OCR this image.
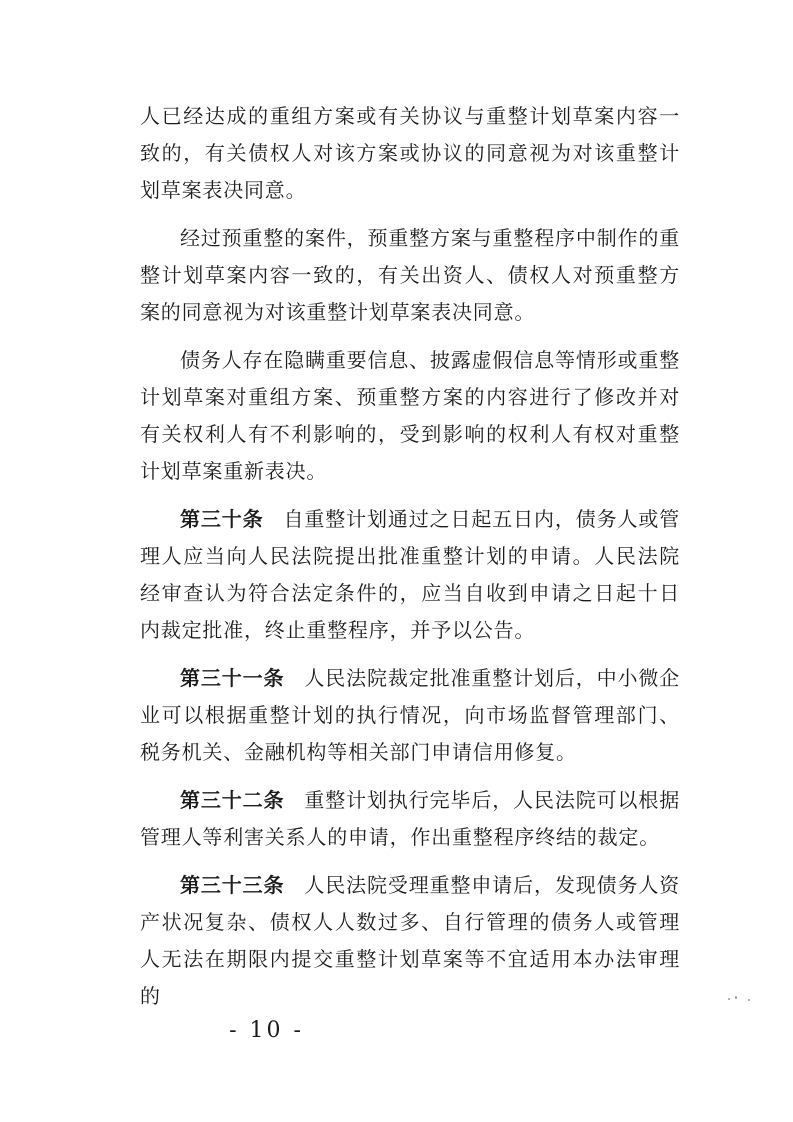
人已经达成的重组方案或有关协议与重整计划草案内容一致的，有关债权人对该方案或协议的同意视为对该重整计划草案表决同意。

经过预重整的案件，预重整方案与重整程序中制作的重整计划草案内容一致的，有关出资人、债权人对预重整方案的同意视为对该重整计划草案表决同意。

债务人存在隐瞒重要信息、披露虚假信息等情形或重整计划草案对重组方案、预重整方案的内容进行了修改并对有关权利人有不利影响的，受到影响的权利人有权对重整计划草案重新表决。

第三十条 自重整计划通过之日起五日内，债务人或管理人应当向人民法院提出批准重整计划的申请。人民法院经审查认为符合法定条件的，应当自收到申请之日起十日内裁定批准，终止重整程序，并予以公告。

第三十一条 人民法院裁定批准重整计划后，中小微企业可以根据重整计划的执行情况，向市场监督管理部门、税务机关、金融机构等相关部门申请信用修复。

第三十二条 重整计划执行完毕后，人民法院可以根据管理人等利害关系人的申请，作出重整程序终结的裁定。

第三十三条 人民法院受理重整申请后，发现债务人资产状况复杂、债权人人数过多、自行管理的债务人或管理人无法在期限内提交重整计划草案等不宜适用本办法审理的

- 10 -
